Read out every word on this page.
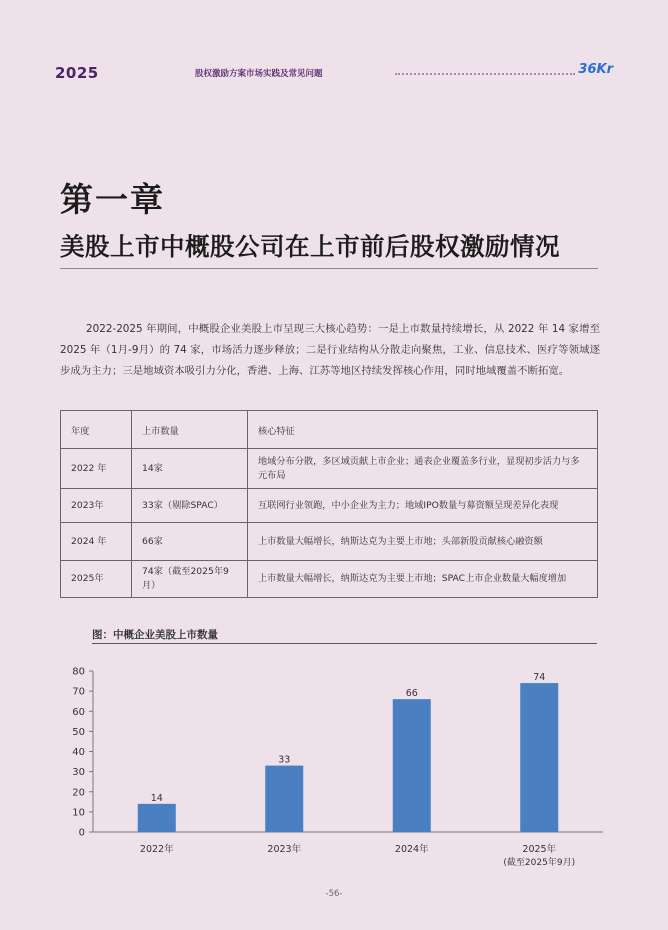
2025	股权激励方案市场实践及常见问题	36Kr
第一章
美股上市中概股公司在上市前后股权激励情况
2022-2025 年期间，中概股企业美股上市呈现三大核心趋势：一是上市数量持续增长，从 2022 年 14 家增至 2025 年（1月-9月）的 74 家，市场活力逐步释放；二是行业结构从分散走向聚焦，工业、信息技术、医疗等领域逐步成为主力；三是地域资本吸引力分化，香港、上海、江苏等地区持续发挥核心作用，同时地域覆盖不断拓宽。
年度	上市数量	核心特征
2022 年	14家	地域分布分散，多区域贡献上市企业；通表企业覆盖多行业，显现初步活力与多元布局
2023年	33家（剔除SPAC）	互联网行业领跑，中小企业为主力；地域IPO数量与募资额呈现差异化表现
2024 年	66家	上市数量大幅增长，纳斯达克为主要上市地；头部新股贡献核心融资额
2025年	74家（截至2025年9月）	上市数量大幅增长，纳斯达克为主要上市地；SPAC上市企业数量大幅度增加
图：中概企业美股上市数量
0
10
20
30
40
50
60
70
80
14
2022年
33
2023年
66
2024年
74
2025年
(截至2025年9月)
-56-
